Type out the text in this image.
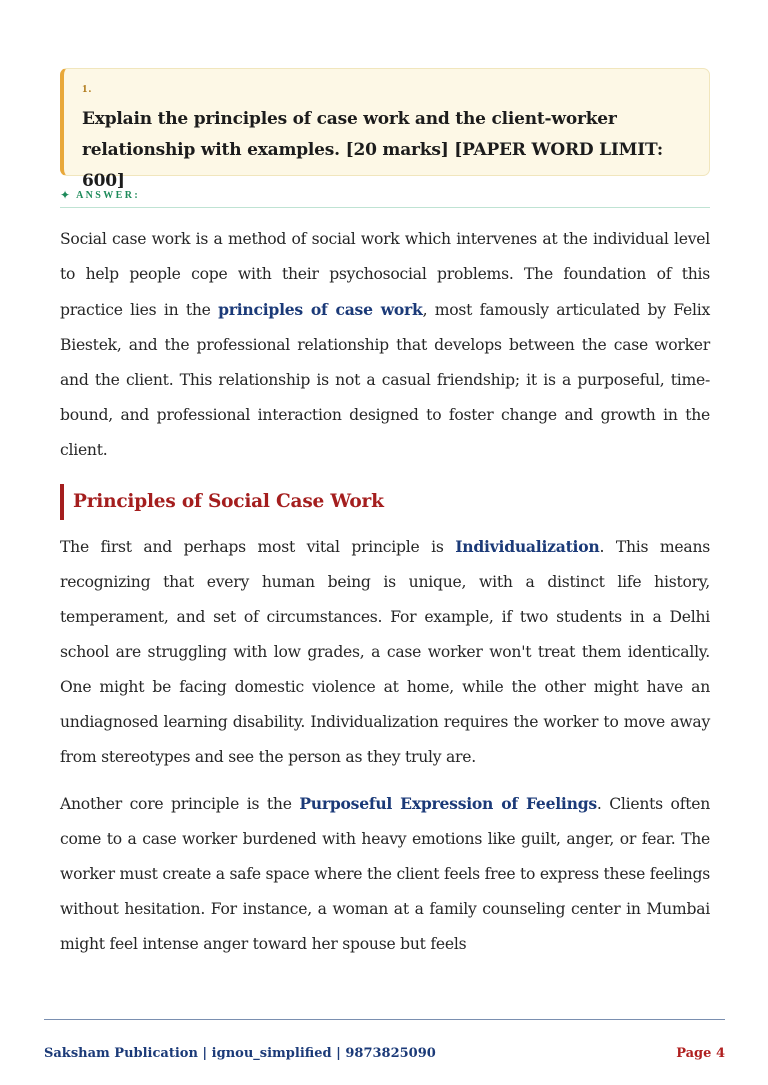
1.
Explain the principles of case work and the client-worker relationship with examples. [20 marks] [PAPER WORD LIMIT: 600]
✦ ANSWER:

Social case work is a method of social work which intervenes at the individual level to help people cope with their psychosocial problems. The foundation of this practice lies in the principles of case work, most famously articulated by Felix Biestek, and the professional relationship that develops between the case worker and the client. This relationship is not a casual friendship; it is a purposeful, time-bound, and professional interaction designed to foster change and growth in the client.

Principles of Social Case Work

The first and perhaps most vital principle is Individualization. This means recognizing that every human being is unique, with a distinct life history, temperament, and set of circumstances. For example, if two students in a Delhi school are struggling with low grades, a case worker won't treat them identically. One might be facing domestic violence at home, while the other might have an undiagnosed learning disability. Individualization requires the worker to move away from stereotypes and see the person as they truly are.

Another core principle is the Purposeful Expression of Feelings. Clients often come to a case worker burdened with heavy emotions like guilt, anger, or fear. The worker must create a safe space where the client feels free to express these feelings without hesitation. For instance, a woman at a family counseling center in Mumbai might feel intense anger toward her spouse but feels

Saksham Publication | ignou_simplified | 9873825090	Page 4
